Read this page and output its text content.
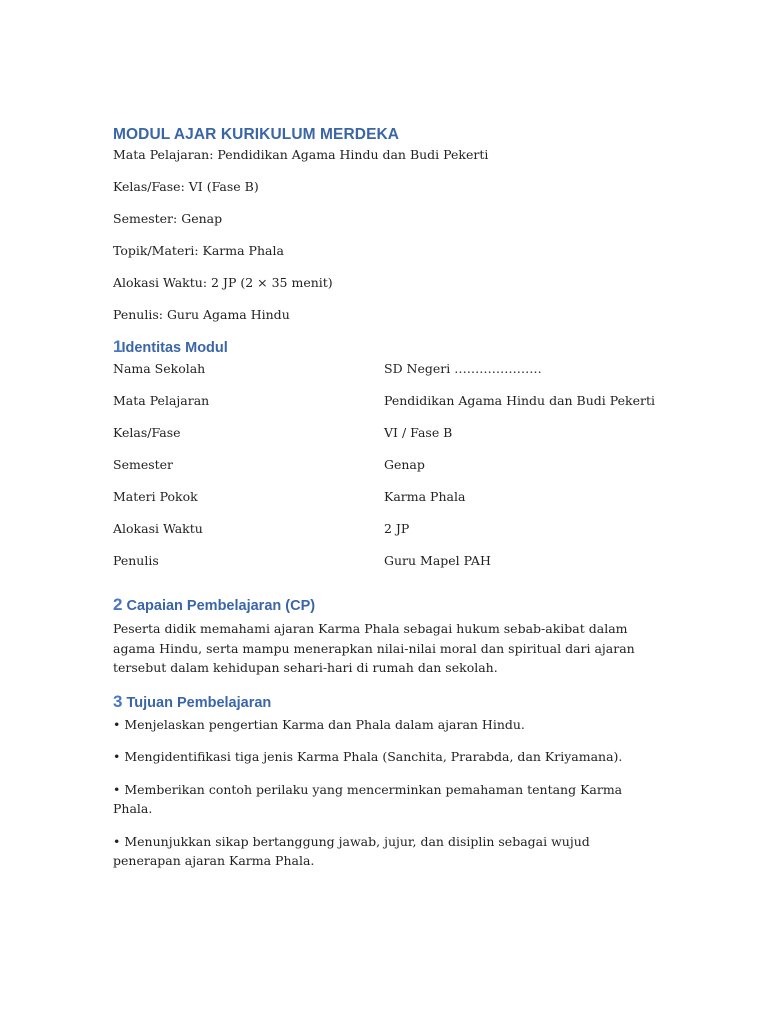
MODUL AJAR KURIKULUM MERDEKA

Mata Pelajaran: Pendidikan Agama Hindu dan Budi Pekerti

Kelas/Fase: VI (Fase B)

Semester: Genap

Topik/Materi: Karma Phala

Alokasi Waktu: 2 JP (2 × 35 menit)

Penulis: Guru Agama Hindu

1 Identitas Modul
Nama Sekolah	SD Negeri …………………
Mata Pelajaran	Pendidikan Agama Hindu dan Budi Pekerti
Kelas/Fase	VI / Fase B
Semester	Genap
Materi Pokok	Karma Phala
Alokasi Waktu	2 JP
Penulis	Guru Mapel PAH
2 Capaian Pembelajaran (CP)

Peserta didik memahami ajaran Karma Phala sebagai hukum sebab-akibat dalam agama Hindu, serta mampu menerapkan nilai-nilai moral dan spiritual dari ajaran tersebut dalam kehidupan sehari-hari di rumah dan sekolah.

3 Tujuan Pembelajaran

• Menjelaskan pengertian Karma dan Phala dalam ajaran Hindu.

• Mengidentifikasi tiga jenis Karma Phala (Sanchita, Prarabda, dan Kriyamana).

• Memberikan contoh perilaku yang mencerminkan pemahaman tentang Karma Phala.

• Menunjukkan sikap bertanggung jawab, jujur, dan disiplin sebagai wujud penerapan ajaran Karma Phala.
